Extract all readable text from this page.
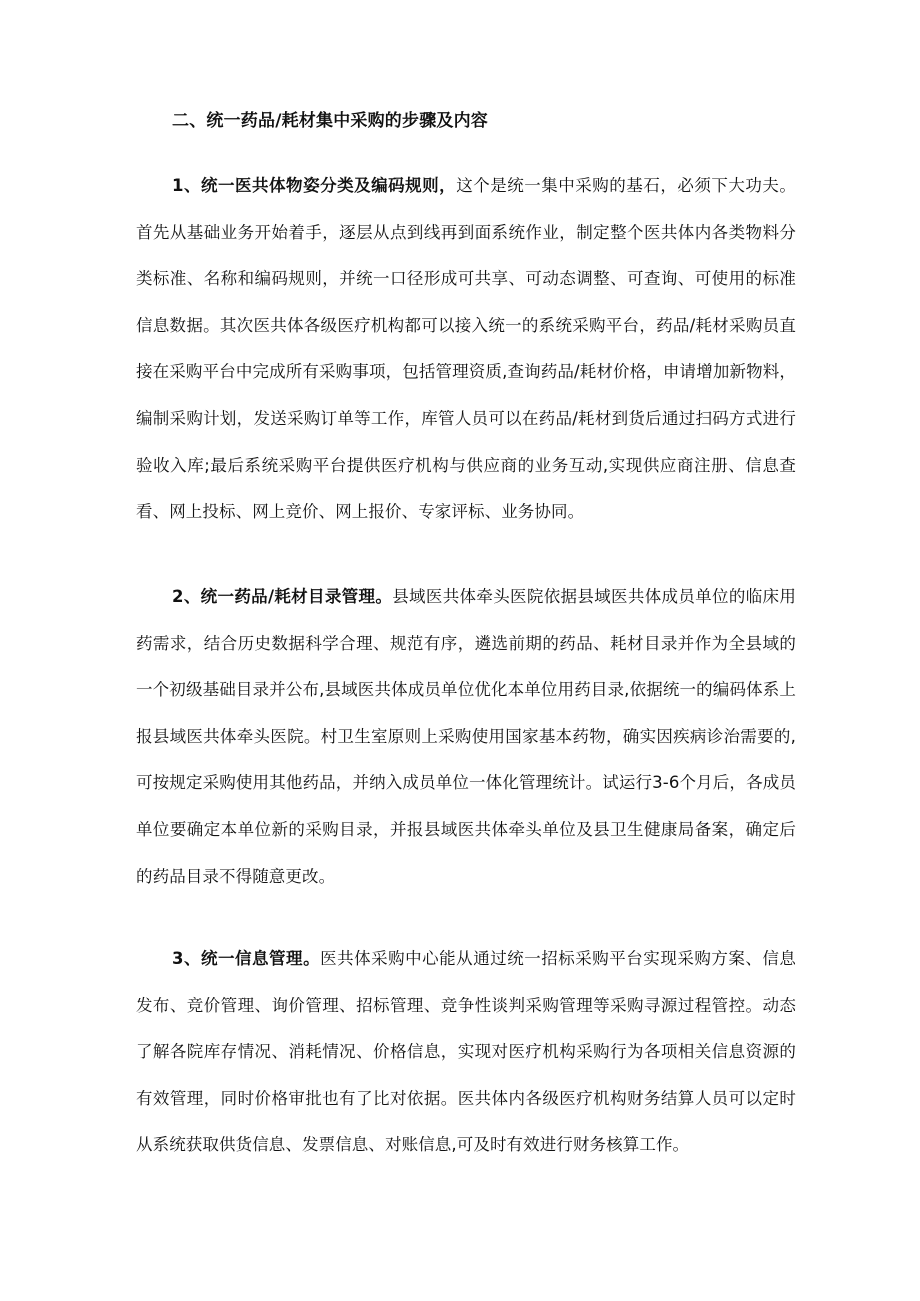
二、统一药品/耗材集中采购的步骤及内容
1、统一医共体物姿分类及编码规则，这个是统一集中采购的基石，必须下大功夫。首先从基础业务开始着手，逐层从点到线再到面系统作业，制定整个医共体内各类物料分类标准、名称和编码规则，并统一口径形成可共享、可动态调整、可查询、可使用的标准信息数据。其次医共体各级医疗机构都可以接入统一的系统采购平台，药品/耗材采购员直接在采购平台中完成所有采购事项，包括管理资质,查询药品/耗材价格，申请增加新物料，编制采购计划，发送采购订单等工作，库管人员可以在药品/耗材到货后通过扫码方式进行验收入库;最后系统采购平台提供医疗机构与供应商的业务互动,实现供应商注册、信息查看、网上投标、网上竞价、网上报价、专家评标、业务协同。
2、统一药品/耗材目录管理。县域医共体牵头医院依据县域医共体成员单位的临床用药需求，结合历史数据科学合理、规范有序，遴选前期的药品、耗材目录并作为全县域的一个初级基础目录并公布,县域医共体成员单位优化本单位用药目录,依据统一的编码体系上报县域医共体牵头医院。村卫生室原则上采购使用国家基本药物，确实因疾病诊治需要的,可按规定采购使用其他药品，并纳入成员单位一体化管理统计。试运行3-6个月后，各成员单位要确定本单位新的采购目录，并报县域医共体牵头单位及县卫生健康局备案，确定后的药品目录不得随意更改。
3、统一信息管理。医共体采购中心能从通过统一招标采购平台实现采购方案、信息发布、竞价管理、询价管理、招标管理、竞争性谈判采购管理等采购寻源过程管控。动态了解各院库存情况、消耗情况、价格信息，实现对医疗机构采购行为各项相关信息资源的有效管理，同时价格审批也有了比对依据。医共体内各级医疗机构财务结算人员可以定时从系统获取供货信息、发票信息、对账信息,可及时有效进行财务核算工作。
